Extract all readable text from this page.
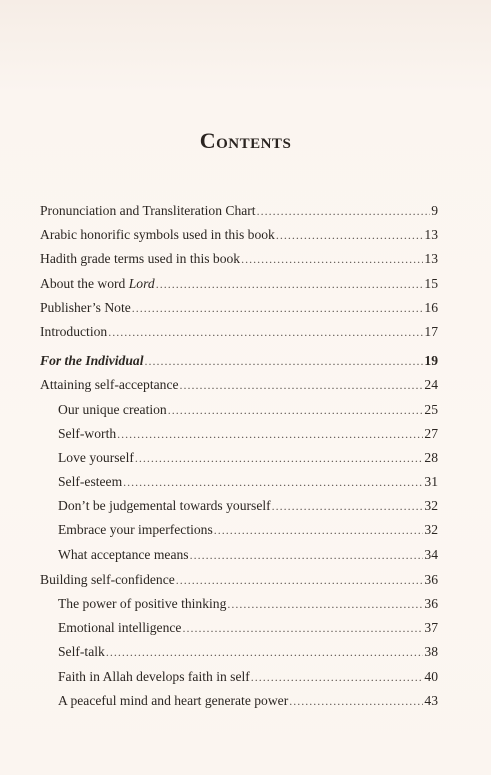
Contents
Pronunciation and Transliteration Chart .....	9
Arabic honorific symbols used in this book .....	13
Hadith grade terms used in this book .....	13
About the word Lord .....	15
Publisher’s Note .....	16
Introduction .....	17
For the Individual .....	19
Attaining self-acceptance .....	24
Our unique creation .....	25
Self-worth .....	27
Love yourself .....	28
Self-esteem .....	31
Don’t be judgemental towards yourself .....	32
Embrace your imperfections .....	32
What acceptance means .....	34
Building self-confidence .....	36
The power of positive thinking .....	36
Emotional intelligence .....	37
Self-talk .....	38
Faith in Allah develops faith in self .....	40
A peaceful mind and heart generate power .....	43
